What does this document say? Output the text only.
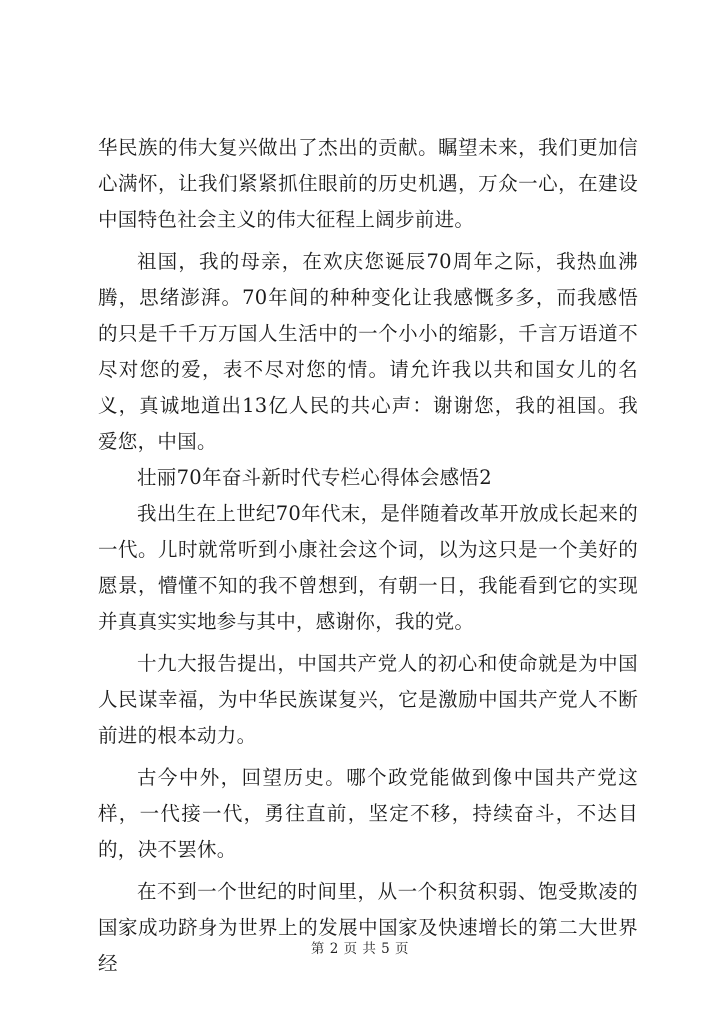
华民族的伟大复兴做出了杰出的贡献。瞩望未来，我们更加信心满怀，让我们紧紧抓住眼前的历史机遇，万众一心，在建设中国特色社会主义的伟大征程上阔步前进。

祖国，我的母亲，在欢庆您诞辰70周年之际，我热血沸腾，思绪澎湃。70年间的种种变化让我感慨多多，而我感悟的只是千千万万国人生活中的一个小小的缩影，千言万语道不尽对您的爱，表不尽对您的情。请允许我以共和国女儿的名义，真诚地道出13亿人民的共心声：谢谢您，我的祖国。我爱您，中国。

壮丽70年奋斗新时代专栏心得体会感悟2

我出生在上世纪70年代末，是伴随着改革开放成长起来的一代。儿时就常听到小康社会这个词，以为这只是一个美好的愿景，懵懂不知的我不曾想到，有朝一日，我能看到它的实现并真真实实地参与其中，感谢你，我的党。

十九大报告提出，中国共产党人的初心和使命就是为中国人民谋幸福，为中华民族谋复兴，它是激励中国共产党人不断前进的根本动力。

古今中外，回望历史。哪个政党能做到像中国共产党这样，一代接一代，勇往直前，坚定不移，持续奋斗，不达目的，决不罢休。

在不到一个世纪的时间里，从一个积贫积弱、饱受欺凌的国家成功跻身为世界上的发展中国家及快速增长的第二大世界经

第 2 页 共 5 页
